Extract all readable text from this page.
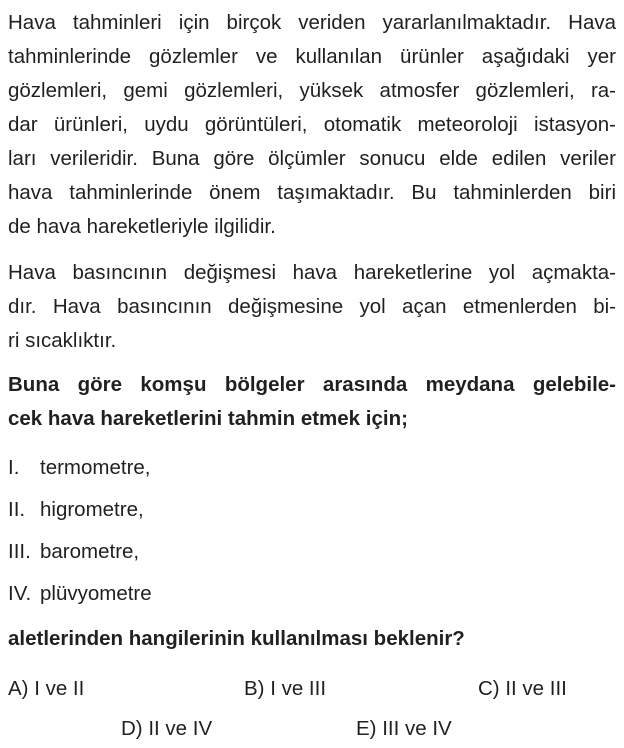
Hava tahminleri için birçok veriden yararlanılmaktadır. Hava
tahminlerinde gözlemler ve kullanılan ürünler aşağıdaki yer
gözlemleri, gemi gözlemleri, yüksek atmosfer gözlemleri, ra-
dar ürünleri, uydu görüntüleri, otomatik meteoroloji istasyon-
ları verileridir. Buna göre ölçümler sonucu elde edilen veriler
hava tahminlerinde önem taşımaktadır. Bu tahminlerden biri
de hava hareketleriyle ilgilidir.
Hava basıncının değişmesi hava hareketlerine yol açmakta-
dır. Hava basıncının değişmesine yol açan etmenlerden bi-
ri sıcaklıktır.
Buna göre komşu bölgeler arasında meydana gelebile-
cek hava hareketlerini tahmin etmek için;
I. termometre,
II. higrometre,
III. barometre,
IV. plüvyometre
aletlerinden hangilerinin kullanılması beklenir?
A) I ve II	B) I ve III	C) II ve III
D) II ve IV	E) III ve IV
